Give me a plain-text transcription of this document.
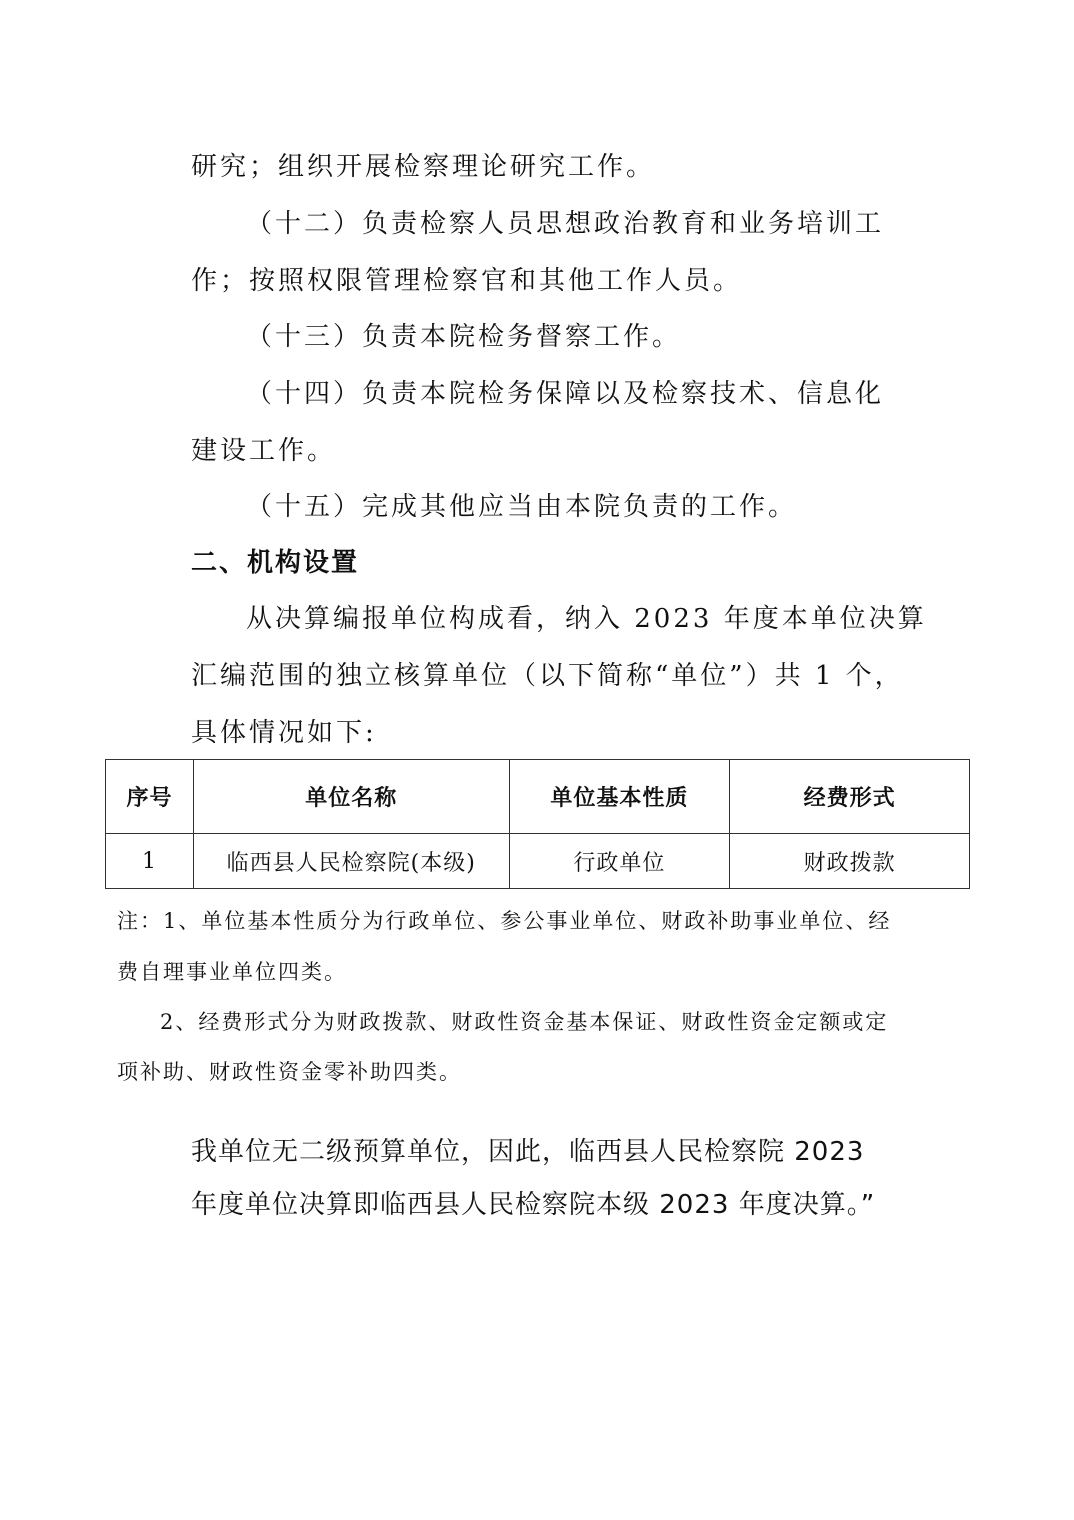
研究；组织开展检察理论研究工作。
（十二）负责检察人员思想政治教育和业务培训工
作；按照权限管理检察官和其他工作人员。
（十三）负责本院检务督察工作。
（十四）负责本院检务保障以及检察技术、信息化
建设工作。
（十五）完成其他应当由本院负责的工作。
二、机构设置
从决算编报单位构成看，纳入 2023 年度本单位决算
汇编范围的独立核算单位（以下简称“单位”）共 1 个，
具体情况如下:
序号	单位名称	单位基本性质	经费形式
1	临西县人民检察院(本级)	行政单位	财政拨款
注：1、单位基本性质分为行政单位、参公事业单位、财政补助事业单位、经
费自理事业单位四类。
2、经费形式分为财政拨款、财政性资金基本保证、财政性资金定额或定
项补助、财政性资金零补助四类。
我单位无二级预算单位，因此，临西县人民检察院 2023
年度单位决算即临西县人民检察院本级 2023 年度决算。”
